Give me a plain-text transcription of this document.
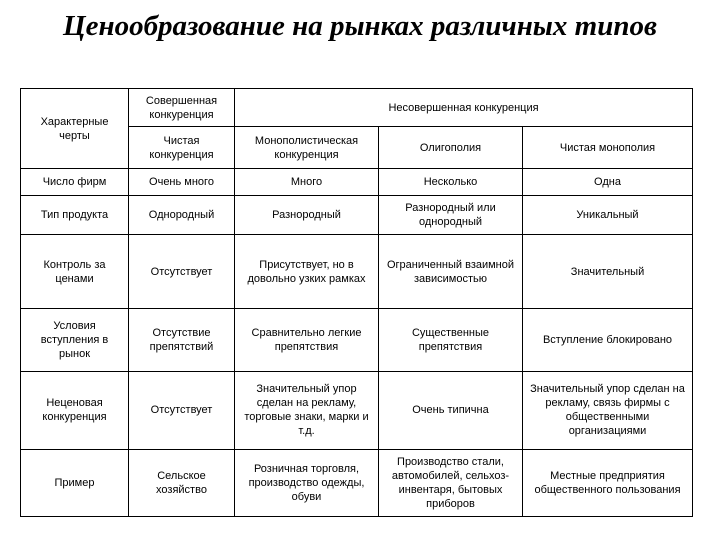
Ценообразование на рынках различных типов
Характерные черты	Совершенная конкуренция	Несовершенная конкуренция		
	Чистая конкуренция	Монополистическая конкуренция	Олигополия	Чистая монополия
Число фирм	Очень много	Много	Несколько	Одна
Тип продукта	Однородный	Разнородный	Разнородный или однородный	Уникальный
Контроль за ценами	Отсутствует	Присутствует, но в довольно узких рамках	Ограниченный взаимной зависимостью	Значительный
Условия вступления в рынок	Отсутствие препятствий	Сравнительно легкие препятствия	Существенные препятствия	Вступление блокировано
Неценовая конкуренция	Отсутствует	Значительный упор сделан на рекламу, торговые знаки, марки и т.д.	Очень типична	Значительный упор сделан на рекламу, связь фирмы с общественными организациями
Пример	Сельское хозяйство	Розничная торговля, производство одежды, обуви	Производство стали, автомобилей, сельхоз-инвентаря, бытовых приборов	Местные предприятия общественного пользования
